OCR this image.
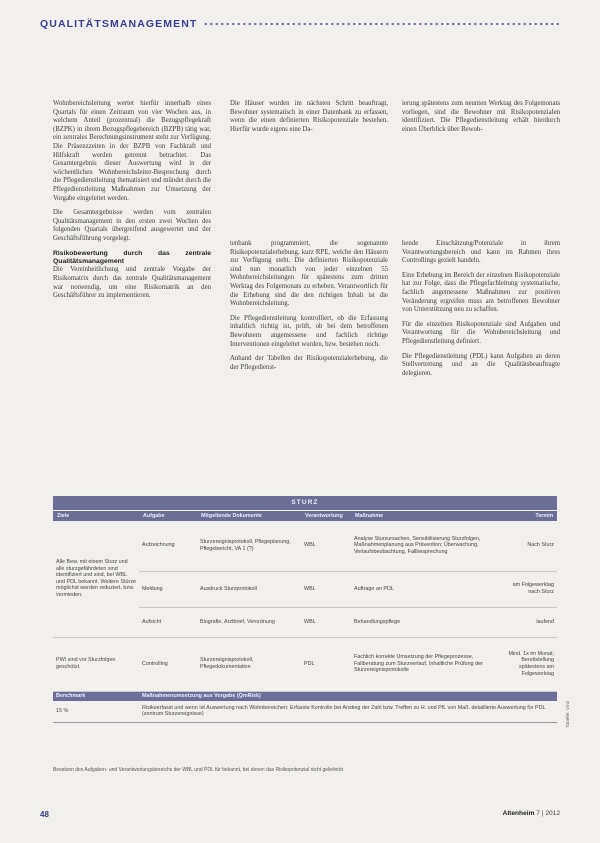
QUALITÄTSMANAGEMENT

Wohnbereichsleitung wertet hierfür innerhalb eines Quartals für einen Zeitraum von vier Wochen aus, in welchem Anteil (prozentual) die Bezugspflegekraft (BZPK) in ihrem Bezugspflegebereich (BZPB) tätig war, ein zentrales Berechnungsinstrument steht zur Verfügung. Die Präsenzzeiten in der BZPB von Fachkraft und Hilfskraft werden getrennt betrachtet. Das Gesamtergebnis dieser Auswertung wird in der wöchentlichen Wohnbereichsleiter-Besprechung durch die Pflegedienstleitung thematisiert und mündet durch die Pflegedienstleitung Maßnahmen zur Umsetzung der Vorgabe eingeleitet werden.

Die Gesamtergebnisse werden vom zentralen Qualitätsmanagement in den ersten zwei Wochen des folgenden Quartals übergreifend ausgewertet und der Geschäftsführung vorgelegt.

Risikobewertung durch das zentrale Qualitätsmanagement

Die Vereinheitlichung und zentrale Vorgabe der Risikomatrix durch das zentrale Qualitätsmanagement war notwendig, um eine Risikomatrik an den Geschäftsführer zu implementieren.

Die Häuser wurden im nächsten Schritt beauftragt, Bewohner systematisch in einer Datenbank zu erfassen, wenn die einen definierten Risikopotenziale bestehen. Hierfür wurde eigens eine Da-

ierung spätestens zum neunten Werktag des Folgemonats vorliegen, sind die Bewohner mit Risikopotenzialen identifiziert. Die Pflegedienstleitung erhält hierdurch einen Überblick über Bewoh-

tenbank programmiert, die sogenannte Risikopotenzialerhebung, kurz RPE, welche den Häusern zur Verfügung steht. Die definierten Risikopotenziale sind nun monatlich von jeder einzelnen 55 Wohnbereichsleitungen für spätestens zum dritten Werktag des Folgemonats zu erheben. Verantwortlich für die Erhebung sind die den richtigen Inhalt ist die Wohnbereichsleitung.

Die Pflegedienstleitung kontrolliert, ob die Erfassung inhaltlich richtig ist, prüft, ob bei dem betroffenen Bewohnern angemessene und fachlich richtige Interventionen eingeleitet wurden, bzw. bestehen noch.

Anhand der Tabellen der Risikopotenzialerhebung, die der Pflegedienst-

hende Einschätzung/Potenziale in ihrem Verantwortungsbereich und kann im Rahmen ihres Controllings gezielt handeln.

Eine Erhebung im Bereich der einzelnen Risikopotenziale hat zur Folge, dass die Pflegefachleitung systematische, fachlich angemessene Maßnahmen zur positiven Veränderung ergreifen muss am betroffenen Bewohner von Unterstützung neu zu schaffen.

Für die einzelnen Risikopotenziale sind Aufgaben und Verantwortung für die Wohnbereichsleitung und Pflegedienstleitung definiert.

Die Pflegedienstleitung (PDL) kann Aufgaben an deren Stellvertretung und an die Qualitätsbeauftragte delegieren.

STURZ					
Ziele	Aufgabe	Mitgeltende Dokumente	Verantwortung	Maßnahme	Termin
Alle Bew. mit einem Sturz und alle sturzgefährdeten sind identifiziert und sind, bei WBL und PDL bekannt. Weitere Stürze möglichst werden reduziert, bzw. vermieden.	Aufzeichnung	Sturzereignisprotokoll, Pflegeplanung, Pflegebericht, VA 1 (?)	WBL	Analyse Sturzursachen, Sensibilisierung Sturzfolgen, Maßnahmenplanung aus Prävention; Überwachung, Verlaufsbeobachtung, Fallbesprechung	Nach Sturz
	Meldung	Ausdruck Sturzprotokoll	WBL	Auftrage an PDL	am Folgewerktag nach Sturz
	Aufsicht	Biografie, Arztbrief, Verordnung	WBL	Behandlungspflege	laufend
PWI sind vor Sturzfolgen geschützt.	Controlling	Sturzereignisprotokoll, Pflegedokumentation	PDL	Fachlich korrekte Umsetzung der Pflegeprozesse, Fallberatung zum Sturzverlauf, Inhaltliche Prüfung der Sturzereignisprotokolle	Mind. 1x im Monat; Bereitstellung spätestens am Folgewerktag
Benchmark	Maßnahmenumsetzung aus Vorgabe (QmRisk)				
15 %	Risikoerfasst und wenn Ist Auswertung nach Wohnbereichen: Erfasste Kontrolle bei Anstieg der Zahl bzw. Treffen zu H. und PfL von Maß. detaillierte Auswertung für PDL (zentrum Sturzereignisse)					Tabelle: Vinz
Besetzen des Aufgaben- und Verantwortungsbereichs der WBL und PDL für bekannt, bei denen das Risikopotenzial nicht gelieferbt
48	Altenheim 7 | 2012
